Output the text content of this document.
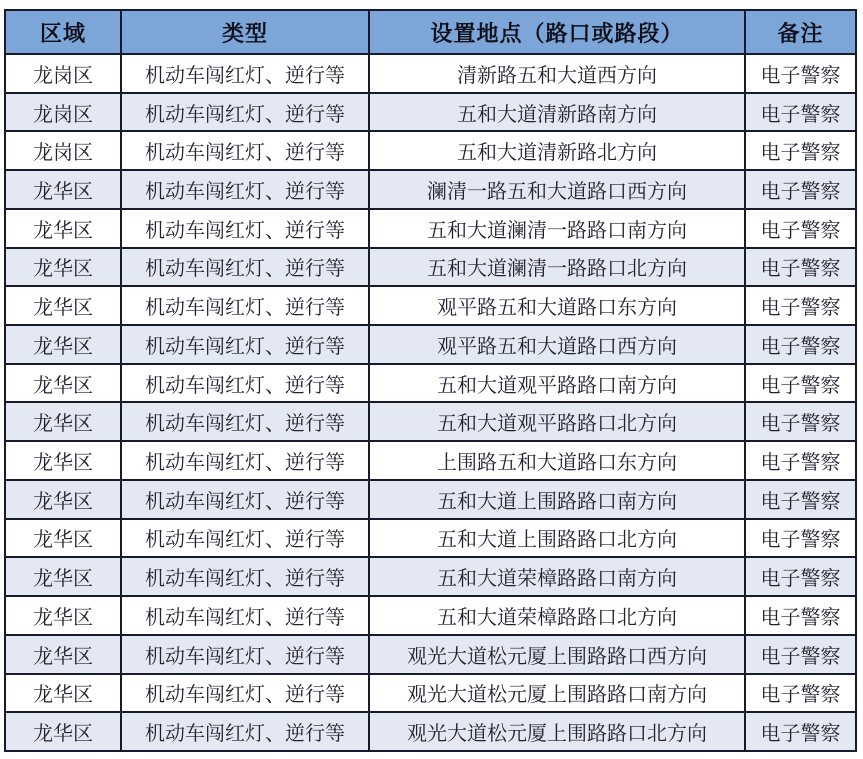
区域	类型	设置地点（路口或路段）	备注
龙岗区	机动车闯红灯、逆行等	清新路五和大道西方向	电子警察
龙岗区	机动车闯红灯、逆行等	五和大道清新路南方向	电子警察
龙岗区	机动车闯红灯、逆行等	五和大道清新路北方向	电子警察
龙华区	机动车闯红灯、逆行等	澜清一路五和大道路口西方向	电子警察
龙华区	机动车闯红灯、逆行等	五和大道澜清一路路口南方向	电子警察
龙华区	机动车闯红灯、逆行等	五和大道澜清一路路口北方向	电子警察
龙华区	机动车闯红灯、逆行等	观平路五和大道路口东方向	电子警察
龙华区	机动车闯红灯、逆行等	观平路五和大道路口西方向	电子警察
龙华区	机动车闯红灯、逆行等	五和大道观平路路口南方向	电子警察
龙华区	机动车闯红灯、逆行等	五和大道观平路路口北方向	电子警察
龙华区	机动车闯红灯、逆行等	上围路五和大道路口东方向	电子警察
龙华区	机动车闯红灯、逆行等	五和大道上围路路口南方向	电子警察
龙华区	机动车闯红灯、逆行等	五和大道上围路路口北方向	电子警察
龙华区	机动车闯红灯、逆行等	五和大道荣樟路路口南方向	电子警察
龙华区	机动车闯红灯、逆行等	五和大道荣樟路路口北方向	电子警察
龙华区	机动车闯红灯、逆行等	观光大道松元厦上围路路口西方向	电子警察
龙华区	机动车闯红灯、逆行等	观光大道松元厦上围路路口南方向	电子警察
龙华区	机动车闯红灯、逆行等	观光大道松元厦上围路路口北方向	电子警察
